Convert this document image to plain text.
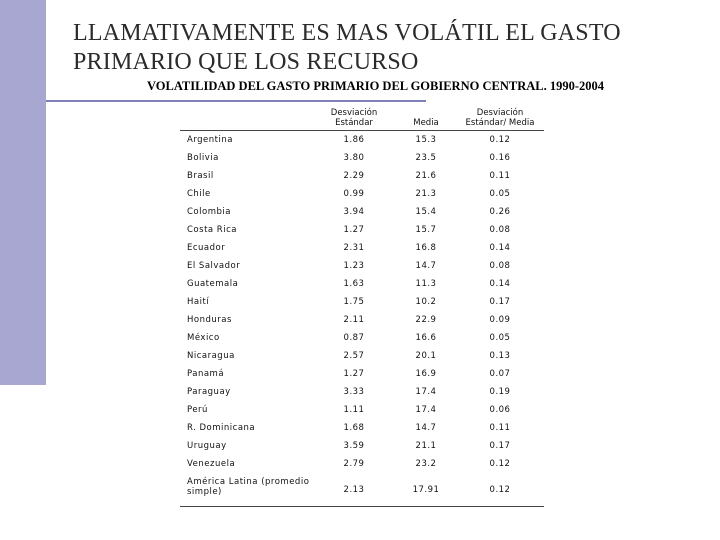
LLAMATIVAMENTE ES MAS VOLÁTIL EL GASTO PRIMARIO QUE LOS RECURSO

VOLATILIDAD DEL GASTO PRIMARIO DEL GOBIERNO CENTRAL. 1990-2004

	Desviación Estándar	Media	Desviación Estándar/ Media
Argentina	1.86	15.3	0.12
Bolivia	3.80	23.5	0.16
Brasil	2.29	21.6	0.11
Chile	0.99	21.3	0.05
Colombia	3.94	15.4	0.26
Costa Rica	1.27	15.7	0.08
Ecuador	2.31	16.8	0.14
El Salvador	1.23	14.7	0.08
Guatemala	1.63	11.3	0.14
Haití	1.75	10.2	0.17
Honduras	2.11	22.9	0.09
México	0.87	16.6	0.05
Nicaragua	2.57	20.1	0.13
Panamá	1.27	16.9	0.07
Paraguay	3.33	17.4	0.19
Perú	1.11	17.4	0.06
R. Dominicana	1.68	14.7	0.11
Uruguay	3.59	21.1	0.17
Venezuela	2.79	23.2	0.12
América Latina (promedio simple)	2.13	17.91	0.12
